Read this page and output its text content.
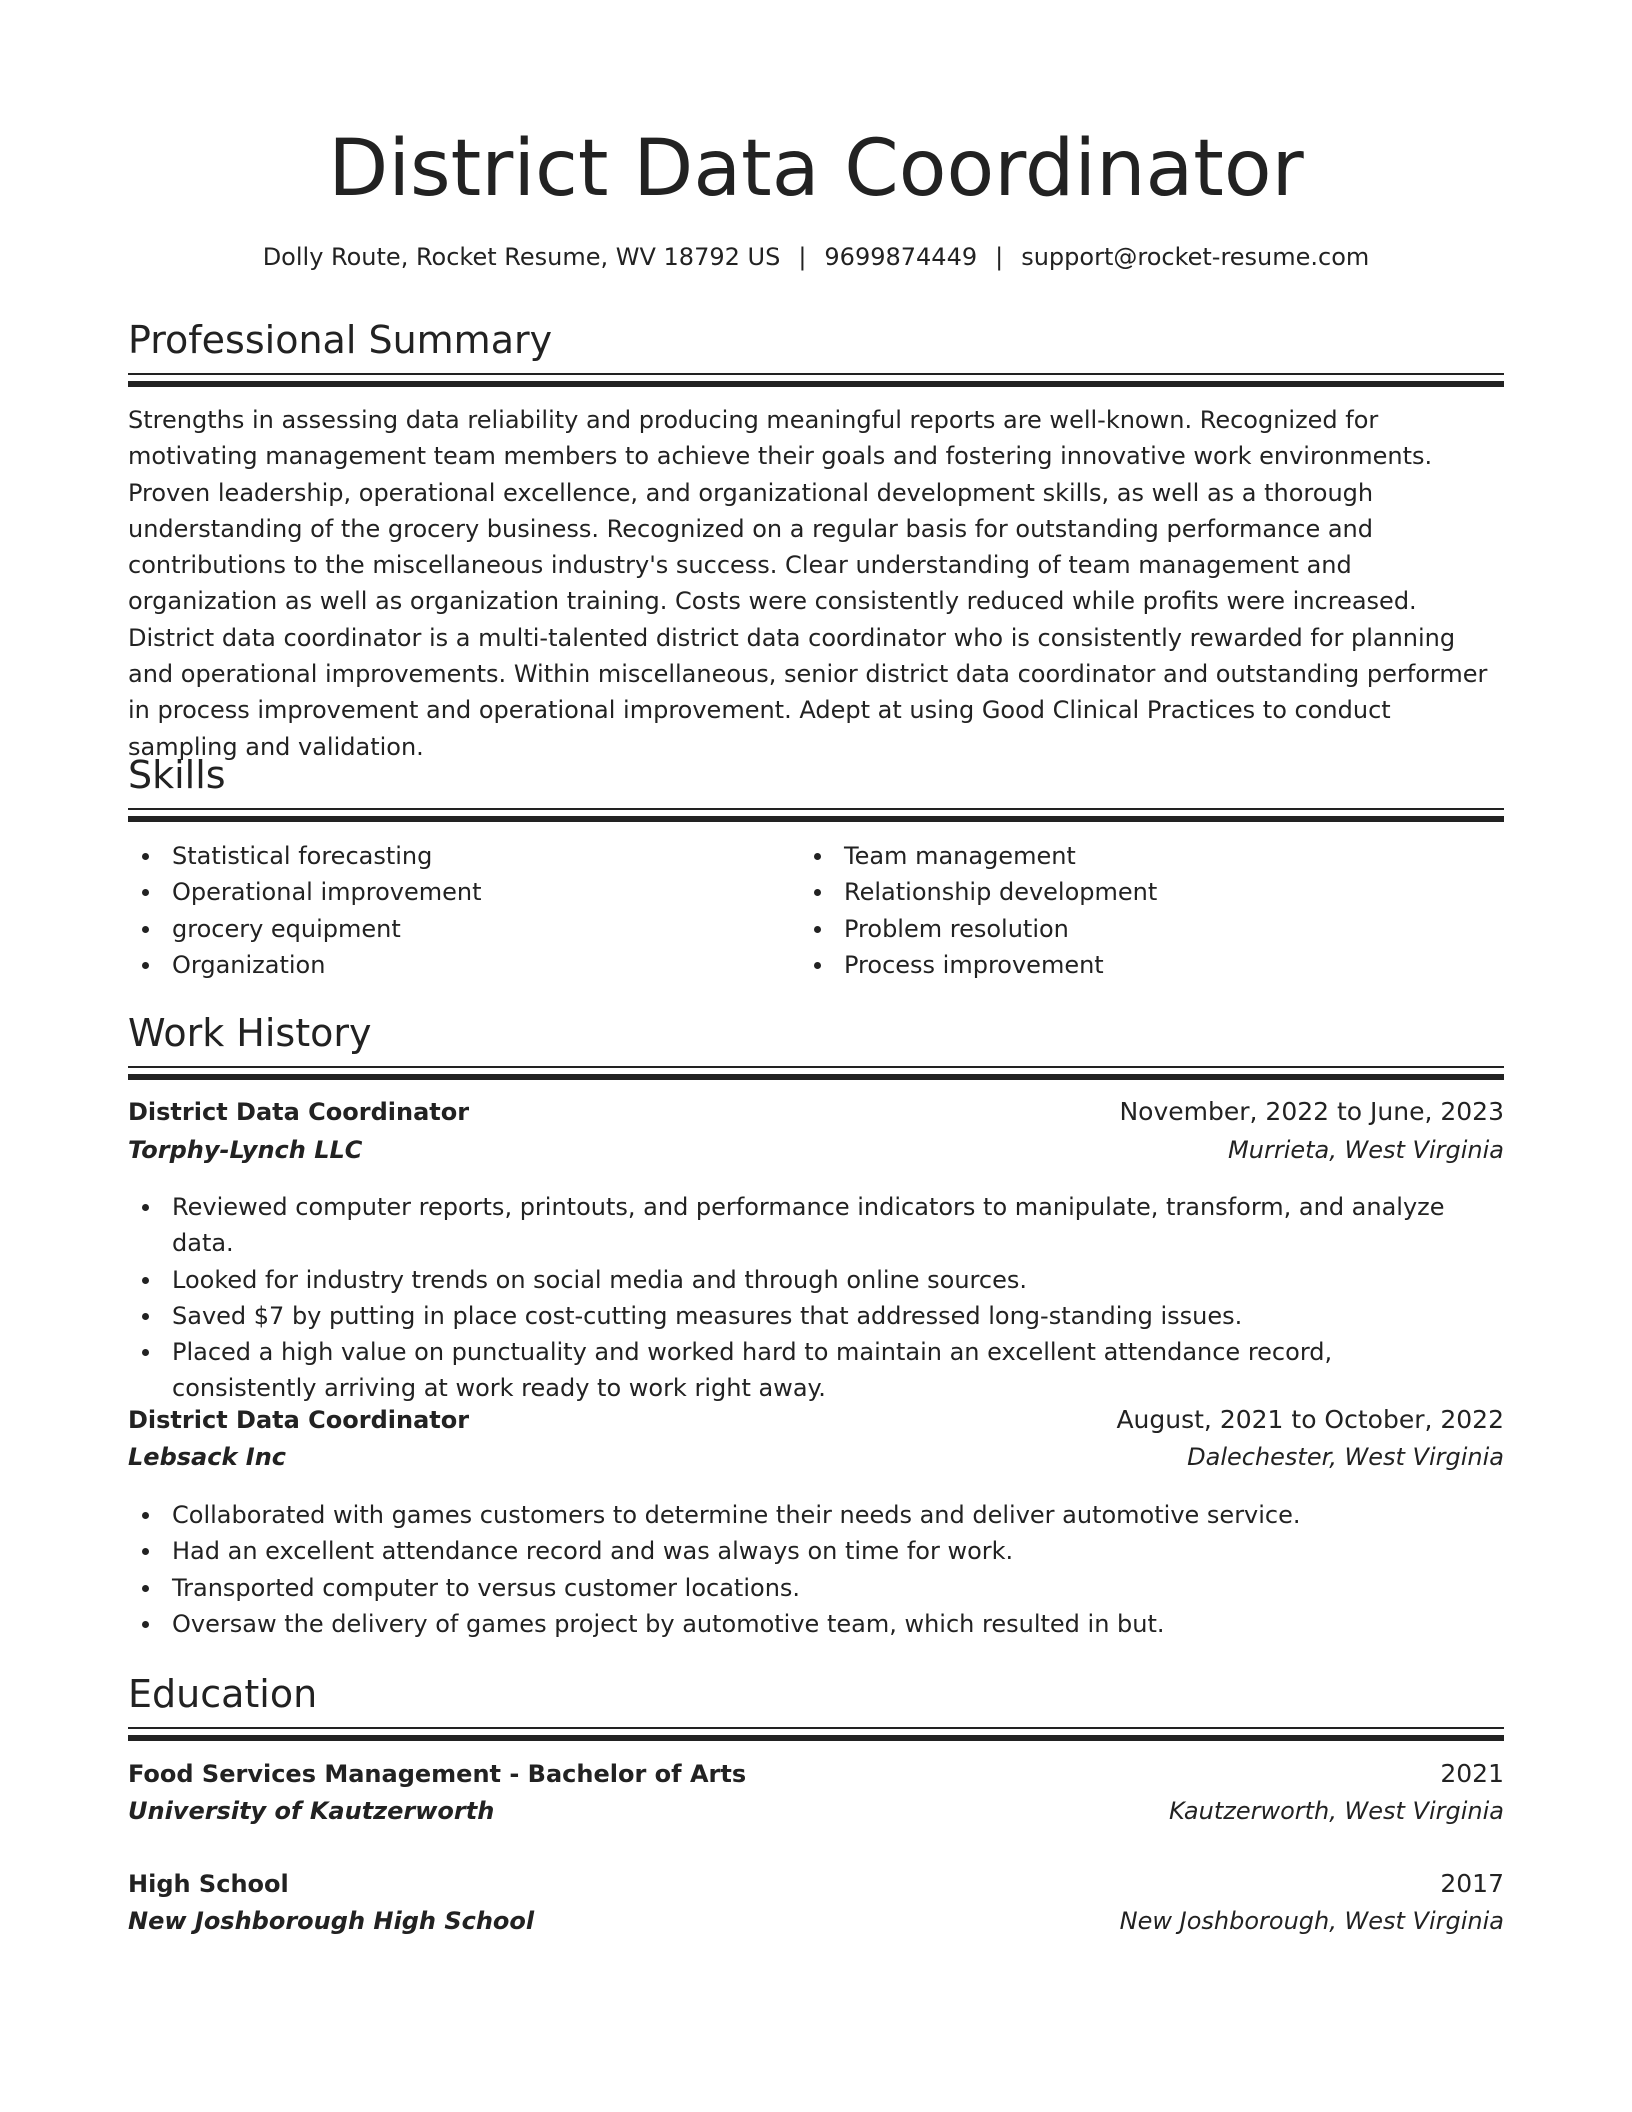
District Data Coordinator
Dolly Route, Rocket Resume, WV 18792 US | 9699874449 | support@rocket-resume.com
Professional Summary

Strengths in assessing data reliability and producing meaningful reports are well-known. Recognized for motivating management team members to achieve their goals and fostering innovative work environments. Proven leadership, operational excellence, and organizational development skills, as well as a thorough understanding of the grocery business. Recognized on a regular basis for outstanding performance and contributions to the miscellaneous industry's success. Clear understanding of team management and organization as well as organization training. Costs were consistently reduced while profits were increased. District data coordinator is a multi-talented district data coordinator who is consistently rewarded for planning and operational improvements. Within miscellaneous, senior district data coordinator and outstanding performer in process improvement and operational improvement. Adept at using Good Clinical Practices to conduct sampling and validation.

Skills
Statistical forecasting
Operational improvement
grocery equipment
Organization
Team management
Relationship development
Problem resolution
Process improvement
Work History
District Data Coordinator	November, 2022 to June, 2023
Torphy-Lynch LLC	Murrieta, West Virginia
Reviewed computer reports, printouts, and performance indicators to manipulate, transform, and analyze data.
Looked for industry trends on social media and through online sources.
Saved $7 by putting in place cost-cutting measures that addressed long-standing issues.
Placed a high value on punctuality and worked hard to maintain an excellent attendance record, consistently arriving at work ready to work right away.
District Data Coordinator	August, 2021 to October, 2022
Lebsack Inc	Dalechester, West Virginia
Collaborated with games customers to determine their needs and deliver automotive service.
Had an excellent attendance record and was always on time for work.
Transported computer to versus customer locations.
Oversaw the delivery of games project by automotive team, which resulted in but.
Education
Food Services Management - Bachelor of Arts	2021
University of Kautzerworth	Kautzerworth, West Virginia
High School	2017
New Joshborough High School	New Joshborough, West Virginia
